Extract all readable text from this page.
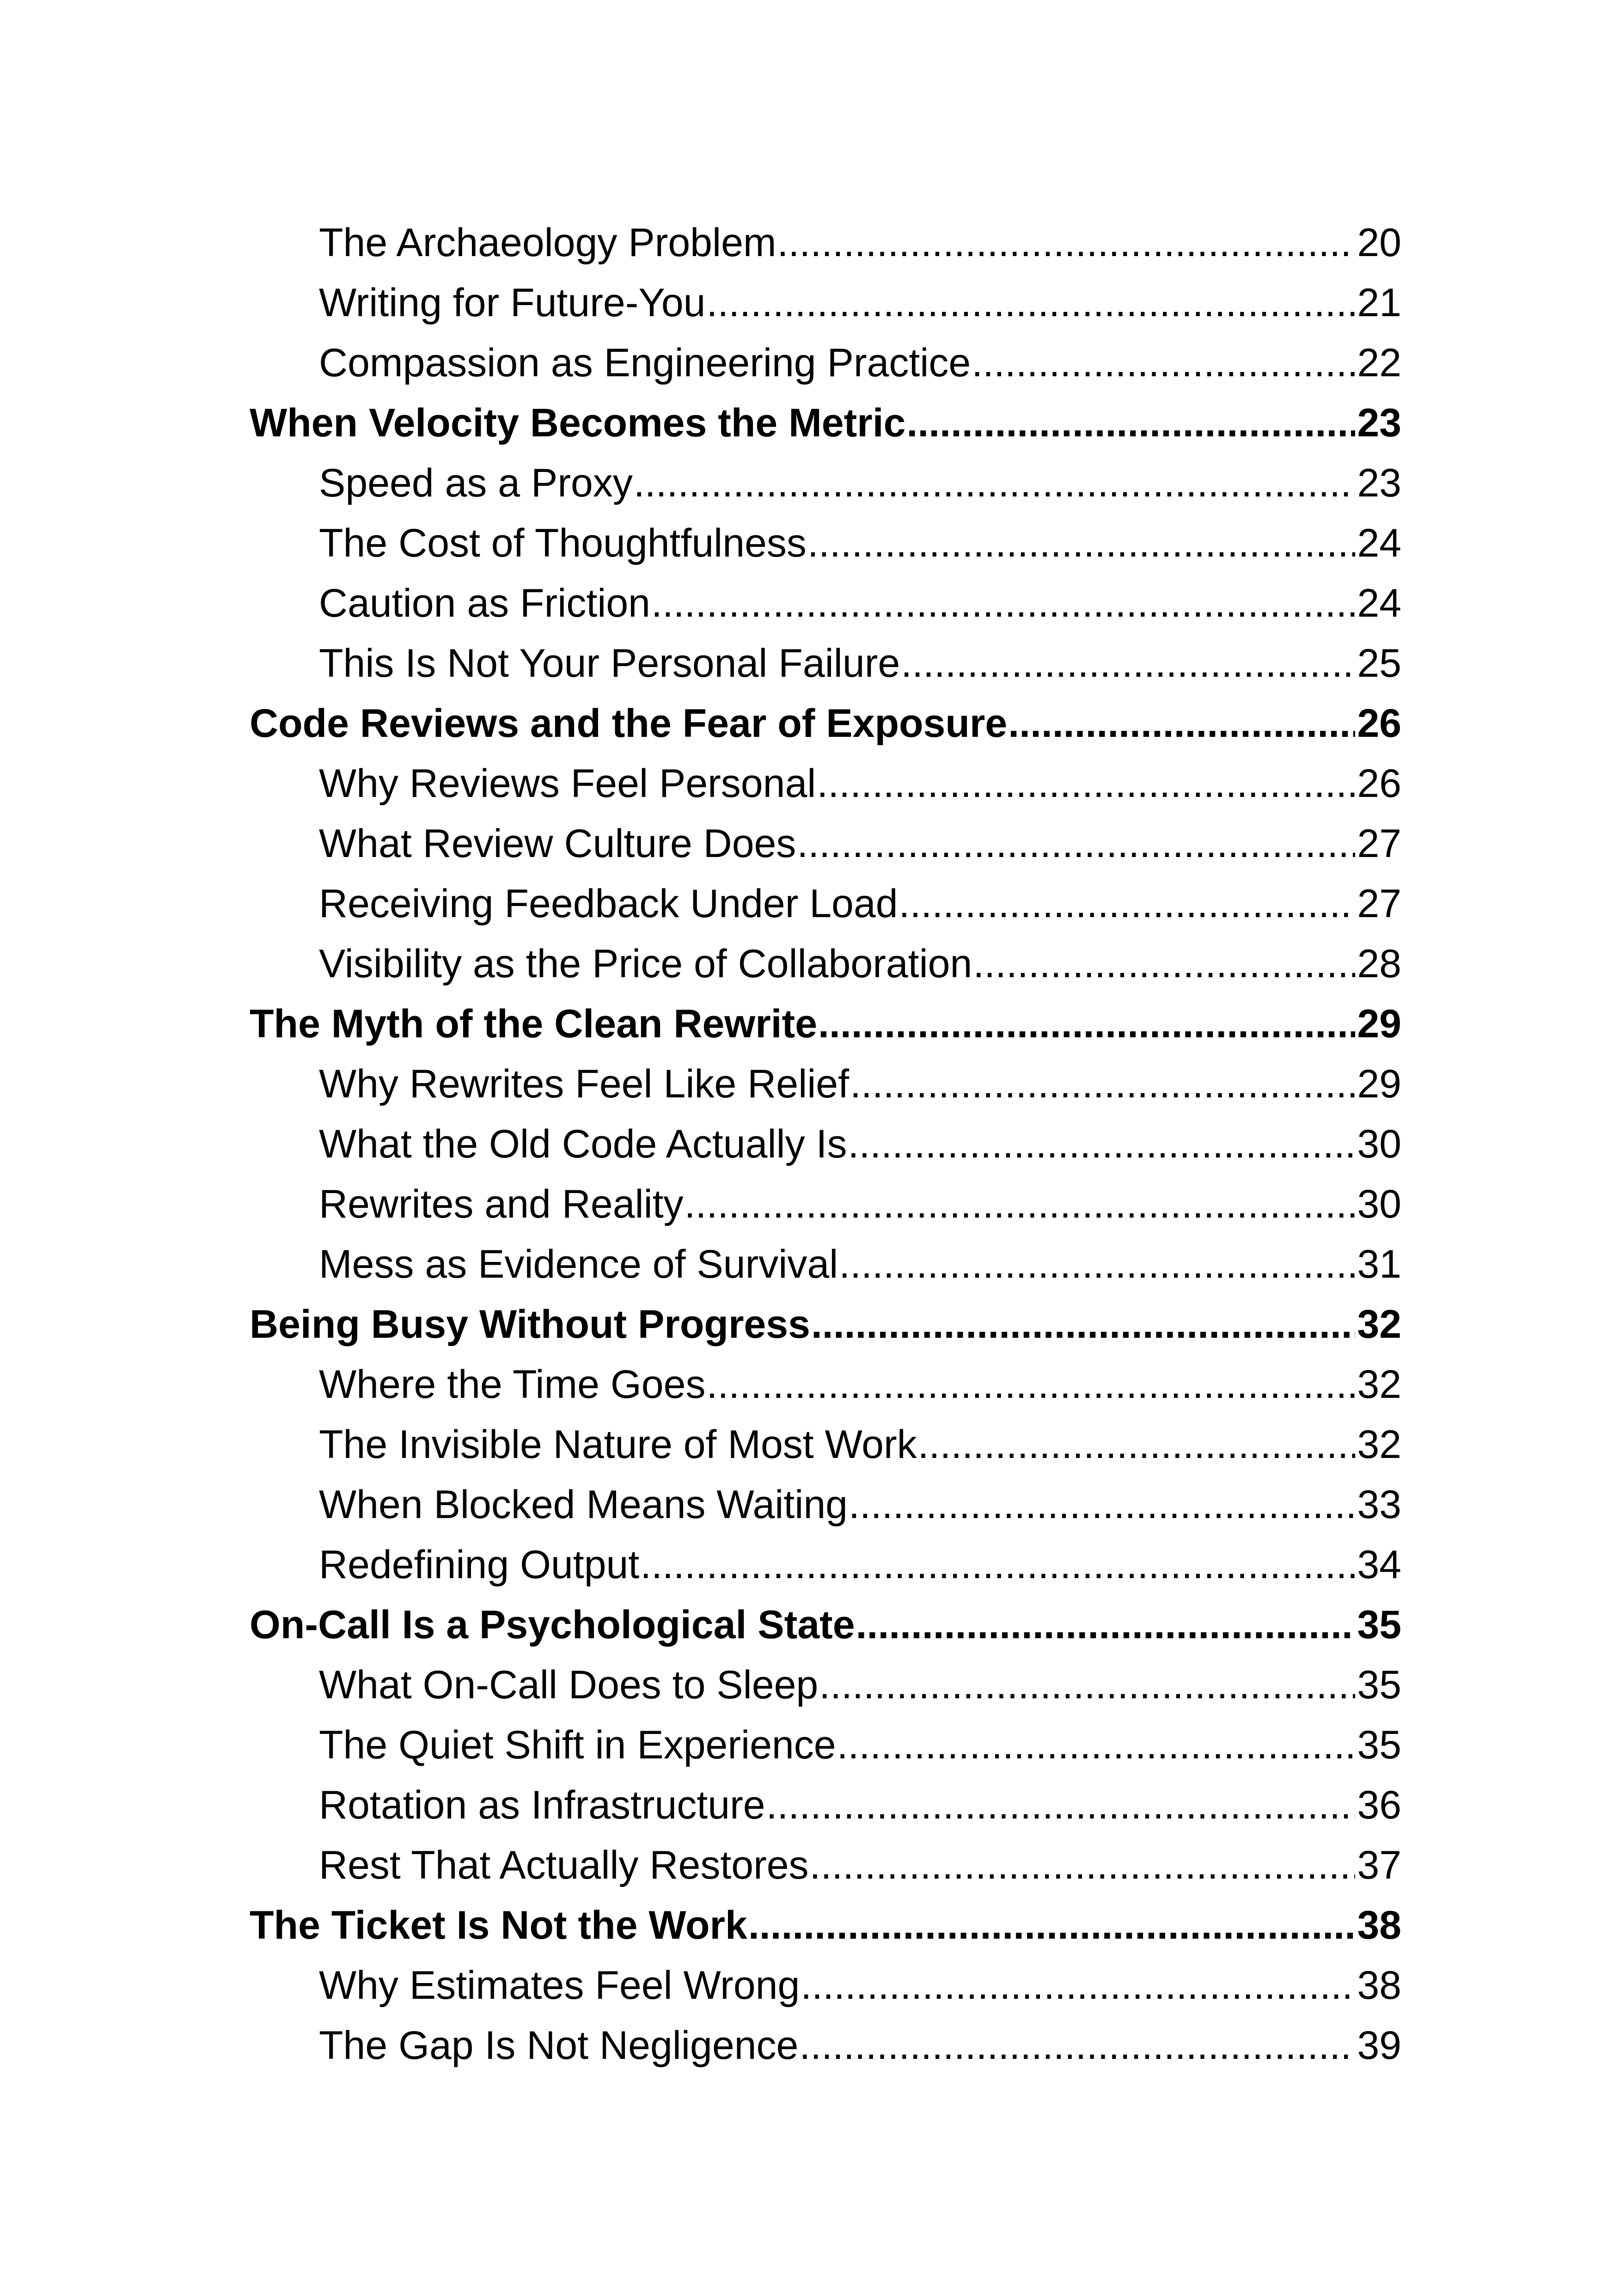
The Archaeology Problem .....	20
Writing for Future-You .....	21
Compassion as Engineering Practice .....	22
When Velocity Becomes the Metric .....	23
Speed as a Proxy .....	23
The Cost of Thoughtfulness .....	24
Caution as Friction .....	24
This Is Not Your Personal Failure .....	25
Code Reviews and the Fear of Exposure .....	26
Why Reviews Feel Personal .....	26
What Review Culture Does .....	27
Receiving Feedback Under Load .....	27
Visibility as the Price of Collaboration .....	28
The Myth of the Clean Rewrite .....	29
Why Rewrites Feel Like Relief .....	29
What the Old Code Actually Is .....	30
Rewrites and Reality .....	30
Mess as Evidence of Survival .....	31
Being Busy Without Progress .....	32
Where the Time Goes .....	32
The Invisible Nature of Most Work .....	32
When Blocked Means Waiting .....	33
Redefining Output .....	34
On-Call Is a Psychological State .....	35
What On-Call Does to Sleep .....	35
The Quiet Shift in Experience .....	35
Rotation as Infrastructure .....	36
Rest That Actually Restores .....	37
The Ticket Is Not the Work .....	38
Why Estimates Feel Wrong .....	38
The Gap Is Not Negligence .....	39
